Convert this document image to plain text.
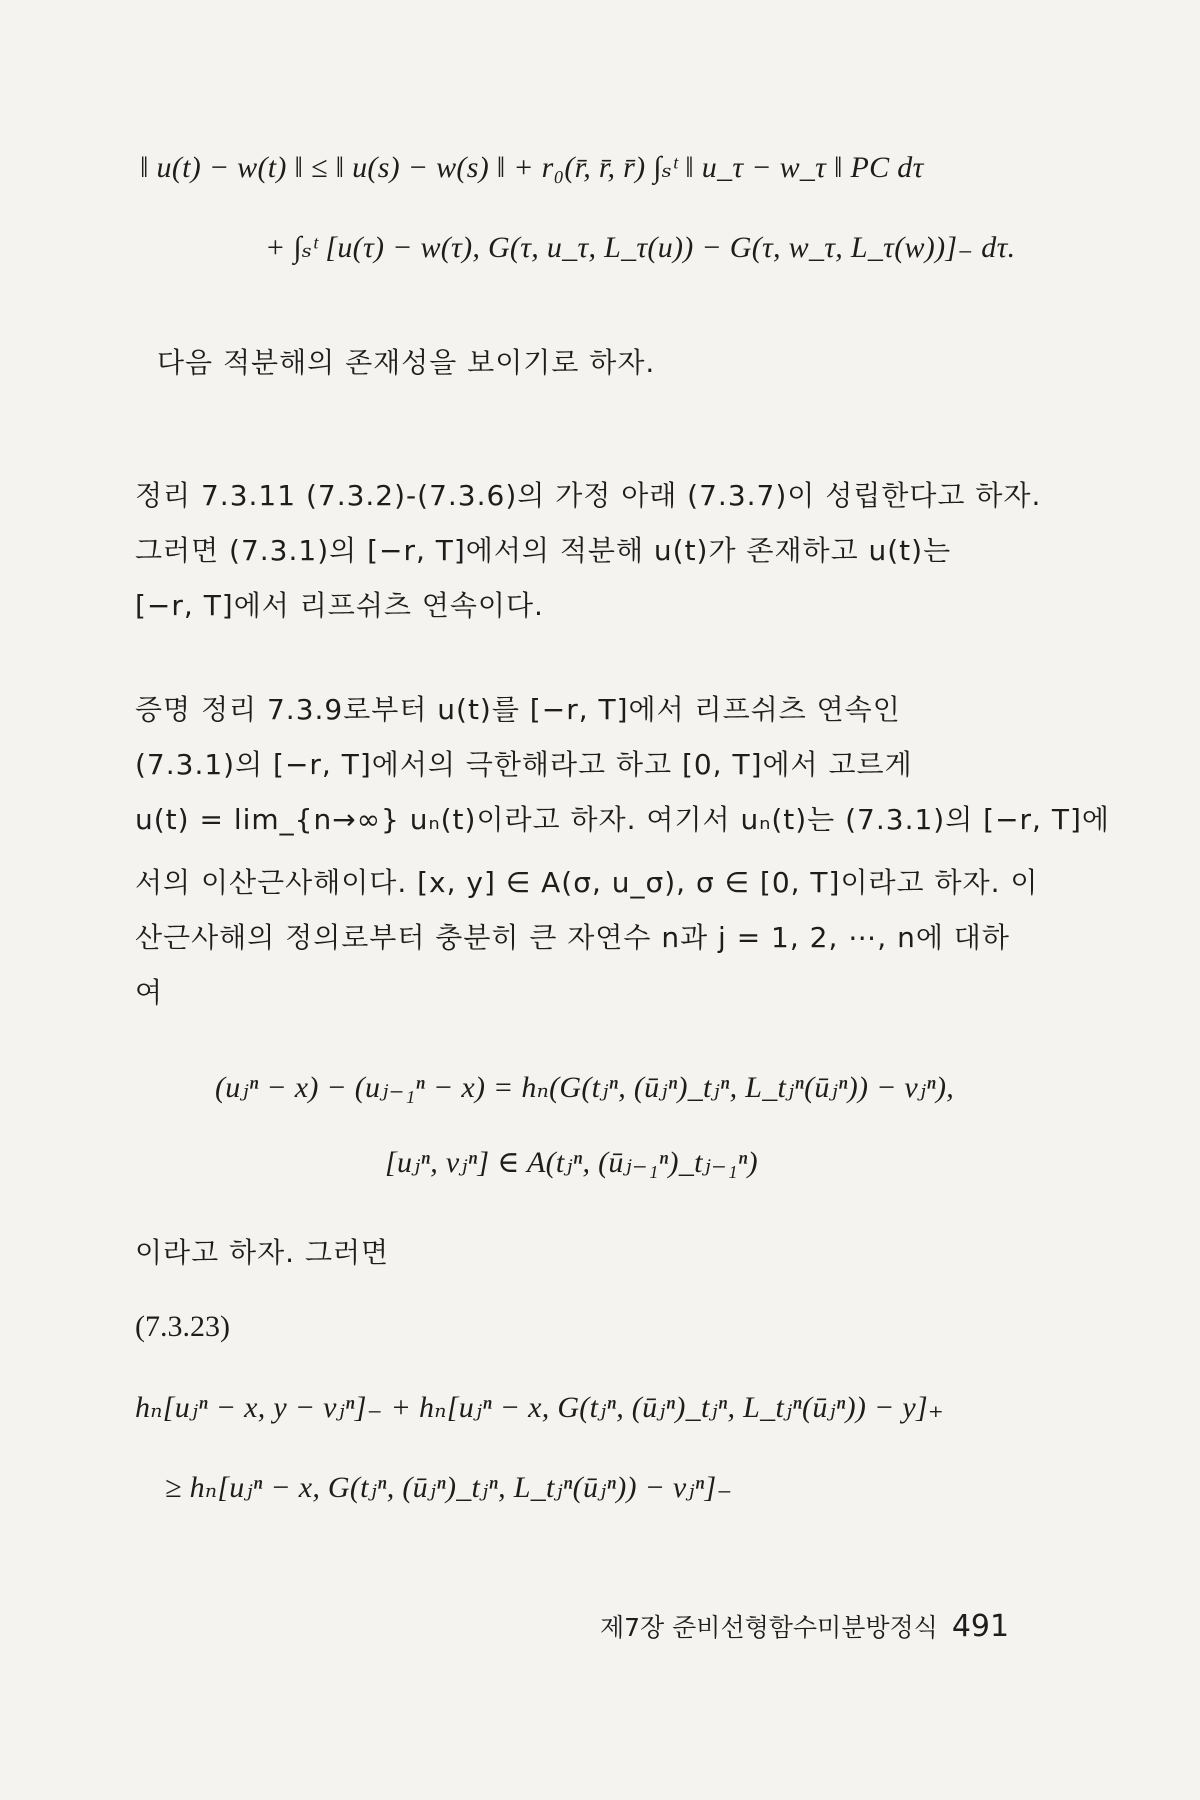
‖ u(t) − w(t) ‖ ≤ ‖ u(s) − w(s) ‖ + r₀(r̄, r̄, r̄) ∫ₛᵗ ‖ u_τ − w_τ ‖ PC dτ
+ ∫ₛᵗ [u(τ) − w(τ), G(τ, u_τ, L_τ(u)) − G(τ, w_τ, L_τ(w))]₋ dτ.

다음 적분해의 존재성을 보이기로 하자.

정리 7.3.11 (7.3.2)-(7.3.6)의 가정 아래 (7.3.7)이 성립한다고 하자.

그러면 (7.3.1)의 [−r, T]에서의 적분해 u(t)가 존재하고 u(t)는

[−r, T]에서 리프쉬츠 연속이다.

증명 정리 7.3.9로부터 u(t)를 [−r, T]에서 리프쉬츠 연속인

(7.3.1)의 [−r, T]에서의 극한해라고 하고 [0, T]에서 고르게

u(t) = lim_{n→∞} uₙ(t)이라고 하자. 여기서 uₙ(t)는 (7.3.1)의 [−r, T]에

서의 이산근사해이다. [x, y] ∈ A(σ, u_σ), σ ∈ [0, T]이라고 하자. 이

산근사해의 정의로부터 충분히 큰 자연수 n과 j = 1, 2, ⋯, n에 대하

여

(uⱼⁿ − x) − (uⱼ₋₁ⁿ − x) = hₙ(G(tⱼⁿ, (ūⱼⁿ)_tⱼⁿ, L_tⱼⁿ(ūⱼⁿ)) − vⱼⁿ),
[uⱼⁿ, vⱼⁿ] ∈ A(tⱼⁿ, (ūⱼ₋₁ⁿ)_tⱼ₋₁ⁿ)

이라고 하자. 그러면

(7.3.23)
hₙ[uⱼⁿ − x, y − vⱼⁿ]₋ + hₙ[uⱼⁿ − x, G(tⱼⁿ, (ūⱼⁿ)_tⱼⁿ, L_tⱼⁿ(ūⱼⁿ)) − y]₊
≥ hₙ[uⱼⁿ − x, G(tⱼⁿ, (ūⱼⁿ)_tⱼⁿ, L_tⱼⁿ(ūⱼⁿ)) − vⱼⁿ]₋
제7장 준비선형함수미분방정식 491
